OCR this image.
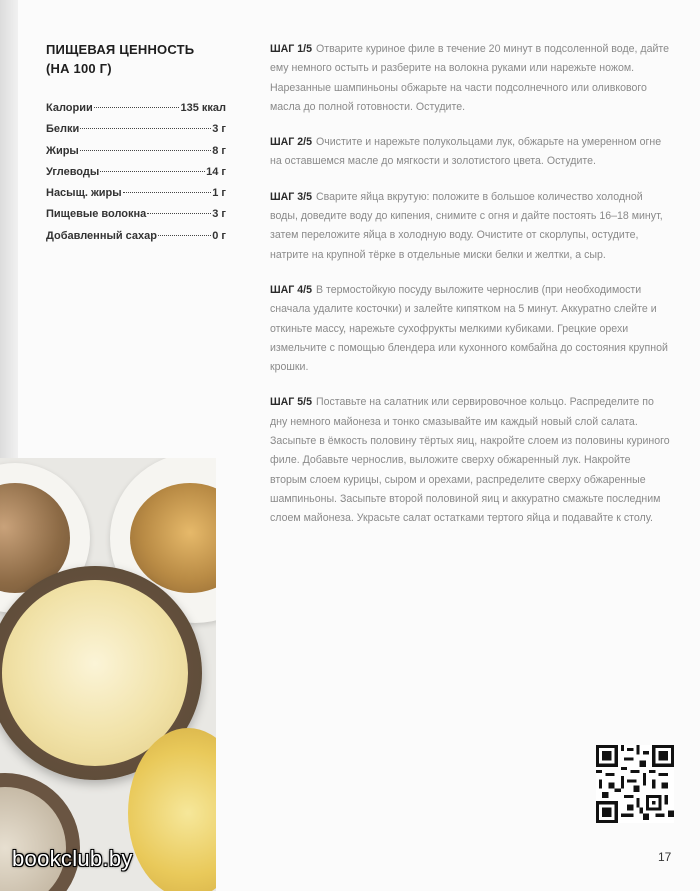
ПИЩЕВАЯ ЦЕННОСТЬ
(НА 100 Г)
Калории	135 ккал
Белки	3 г
Жиры	8 г
Углеводы	14 г
Насыщ. жиры	1 г
Пищевые волокна	3 г
Добавленный сахар	0 г
ШАГ 1/5 Отварите куриное филе в течение 20 минут в подсоленной воде, дайте ему немного остыть и разберите на волокна руками или нарежьте ножом. Нарезанные шампиньоны обжарьте на части подсолнечного или оливкового масла до полной готовности. Остудите.
ШАГ 2/5 Очистите и нарежьте полукольцами лук, обжарьте на умеренном огне на оставшемся масле до мягкости и золотистого цвета. Остудите.
ШАГ 3/5 Сварите яйца вкрутую: положите в большое количество холодной воды, доведите воду до кипения, снимите с огня и дайте постоять 16–18 минут, затем переложите яйца в холодную воду. Очистите от скорлупы, остудите, натрите на крупной тёрке в отдельные миски белки и желтки, а сыр.
ШАГ 4/5 В термостойкую посуду выложите чернослив (при необходимости сначала удалите косточки) и залейте кипятком на 5 минут. Аккуратно слейте и откиньте массу, нарежьте сухофрукты мелкими кубиками. Грецкие орехи измельчите с помощью блендера или кухонного комбайна до состояния крупной крошки.
ШАГ 5/5 Поставьте на салатник или сервировочное кольцо. Распределите по дну немного майонеза и тонко смазывайте им каждый новый слой салата. Засыпьте в ёмкость половину тёртых яиц, накройте слоем из половины куриного филе. Добавьте чернослив, выложите сверху обжаренный лук. Накройте вторым слоем курицы, сыром и орехами, распределите сверху обжаренные шампиньоны. Засыпьте второй половиной яиц и аккуратно смажьте последним слоем майонеза. Украсьте салат остатками тертого яйца и подавайте к столу.
bookclub.by	17
